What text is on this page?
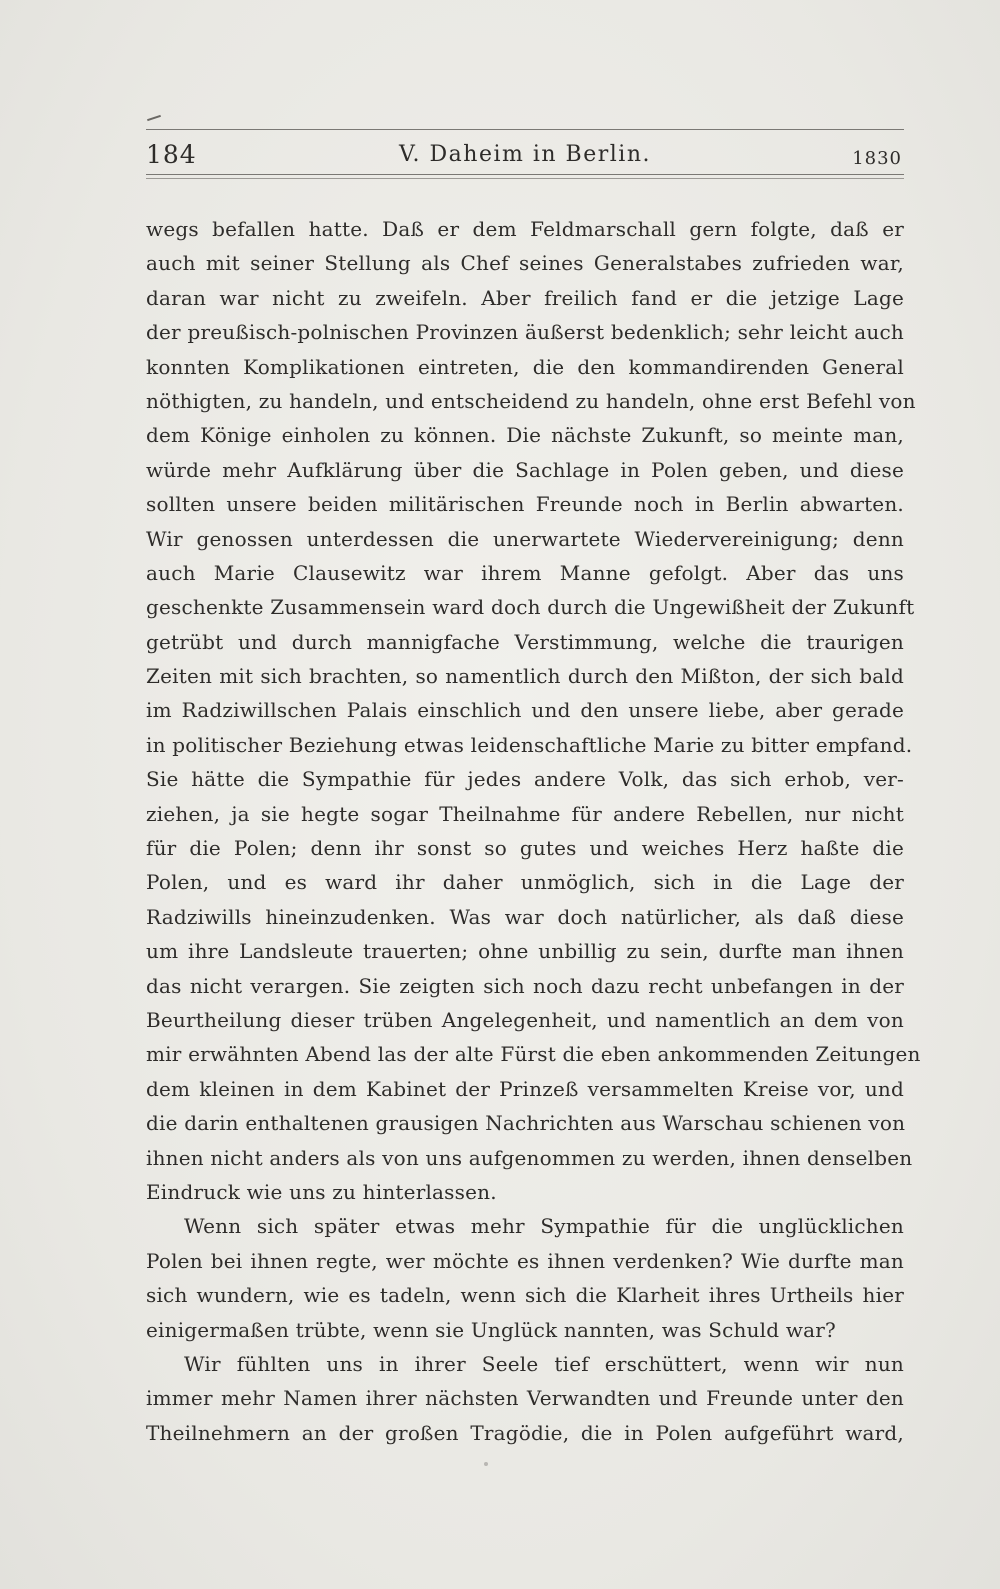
184	V. Daheim in Berlin.	1830
wegs befallen hatte. Daß er dem Feldmarschall gern folgte, daß er
auch mit seiner Stellung als Chef seines Generalstabes zufrieden war,
daran war nicht zu zweifeln. Aber freilich fand er die jetzige Lage
der preußisch-polnischen Provinzen äußerst bedenklich; sehr leicht auch
konnten Komplikationen eintreten, die den kommandirenden General
nöthigten, zu handeln, und entscheidend zu handeln, ohne erst Befehl von
dem Könige einholen zu können. Die nächste Zukunft, so meinte man,
würde mehr Aufklärung über die Sachlage in Polen geben, und diese
sollten unsere beiden militärischen Freunde noch in Berlin abwarten.
Wir genossen unterdessen die unerwartete Wiedervereinigung; denn
auch Marie Clausewitz war ihrem Manne gefolgt. Aber das uns
geschenkte Zusammensein ward doch durch die Ungewißheit der Zukunft
getrübt und durch mannigfache Verstimmung, welche die traurigen
Zeiten mit sich brachten, so namentlich durch den Mißton, der sich bald
im Radziwillschen Palais einschlich und den unsere liebe, aber gerade
in politischer Beziehung etwas leidenschaftliche Marie zu bitter empfand.
Sie hätte die Sympathie für jedes andere Volk, das sich erhob, ver-
ziehen, ja sie hegte sogar Theilnahme für andere Rebellen, nur nicht
für die Polen; denn ihr sonst so gutes und weiches Herz haßte die
Polen, und es ward ihr daher unmöglich, sich in die Lage der
Radziwills hineinzudenken. Was war doch natürlicher, als daß diese
um ihre Landsleute trauerten; ohne unbillig zu sein, durfte man ihnen
das nicht verargen. Sie zeigten sich noch dazu recht unbefangen in der
Beurtheilung dieser trüben Angelegenheit, und namentlich an dem von
mir erwähnten Abend las der alte Fürst die eben ankommenden Zeitungen
dem kleinen in dem Kabinet der Prinzeß versammelten Kreise vor, und
die darin enthaltenen grausigen Nachrichten aus Warschau schienen von
ihnen nicht anders als von uns aufgenommen zu werden, ihnen denselben
Eindruck wie uns zu hinterlassen.
Wenn sich später etwas mehr Sympathie für die unglücklichen
Polen bei ihnen regte, wer möchte es ihnen verdenken? Wie durfte man
sich wundern, wie es tadeln, wenn sich die Klarheit ihres Urtheils hier
einigermaßen trübte, wenn sie Unglück nannten, was Schuld war?
Wir fühlten uns in ihrer Seele tief erschüttert, wenn wir nun
immer mehr Namen ihrer nächsten Verwandten und Freunde unter den
Theilnehmern an der großen Tragödie, die in Polen aufgeführt ward,
